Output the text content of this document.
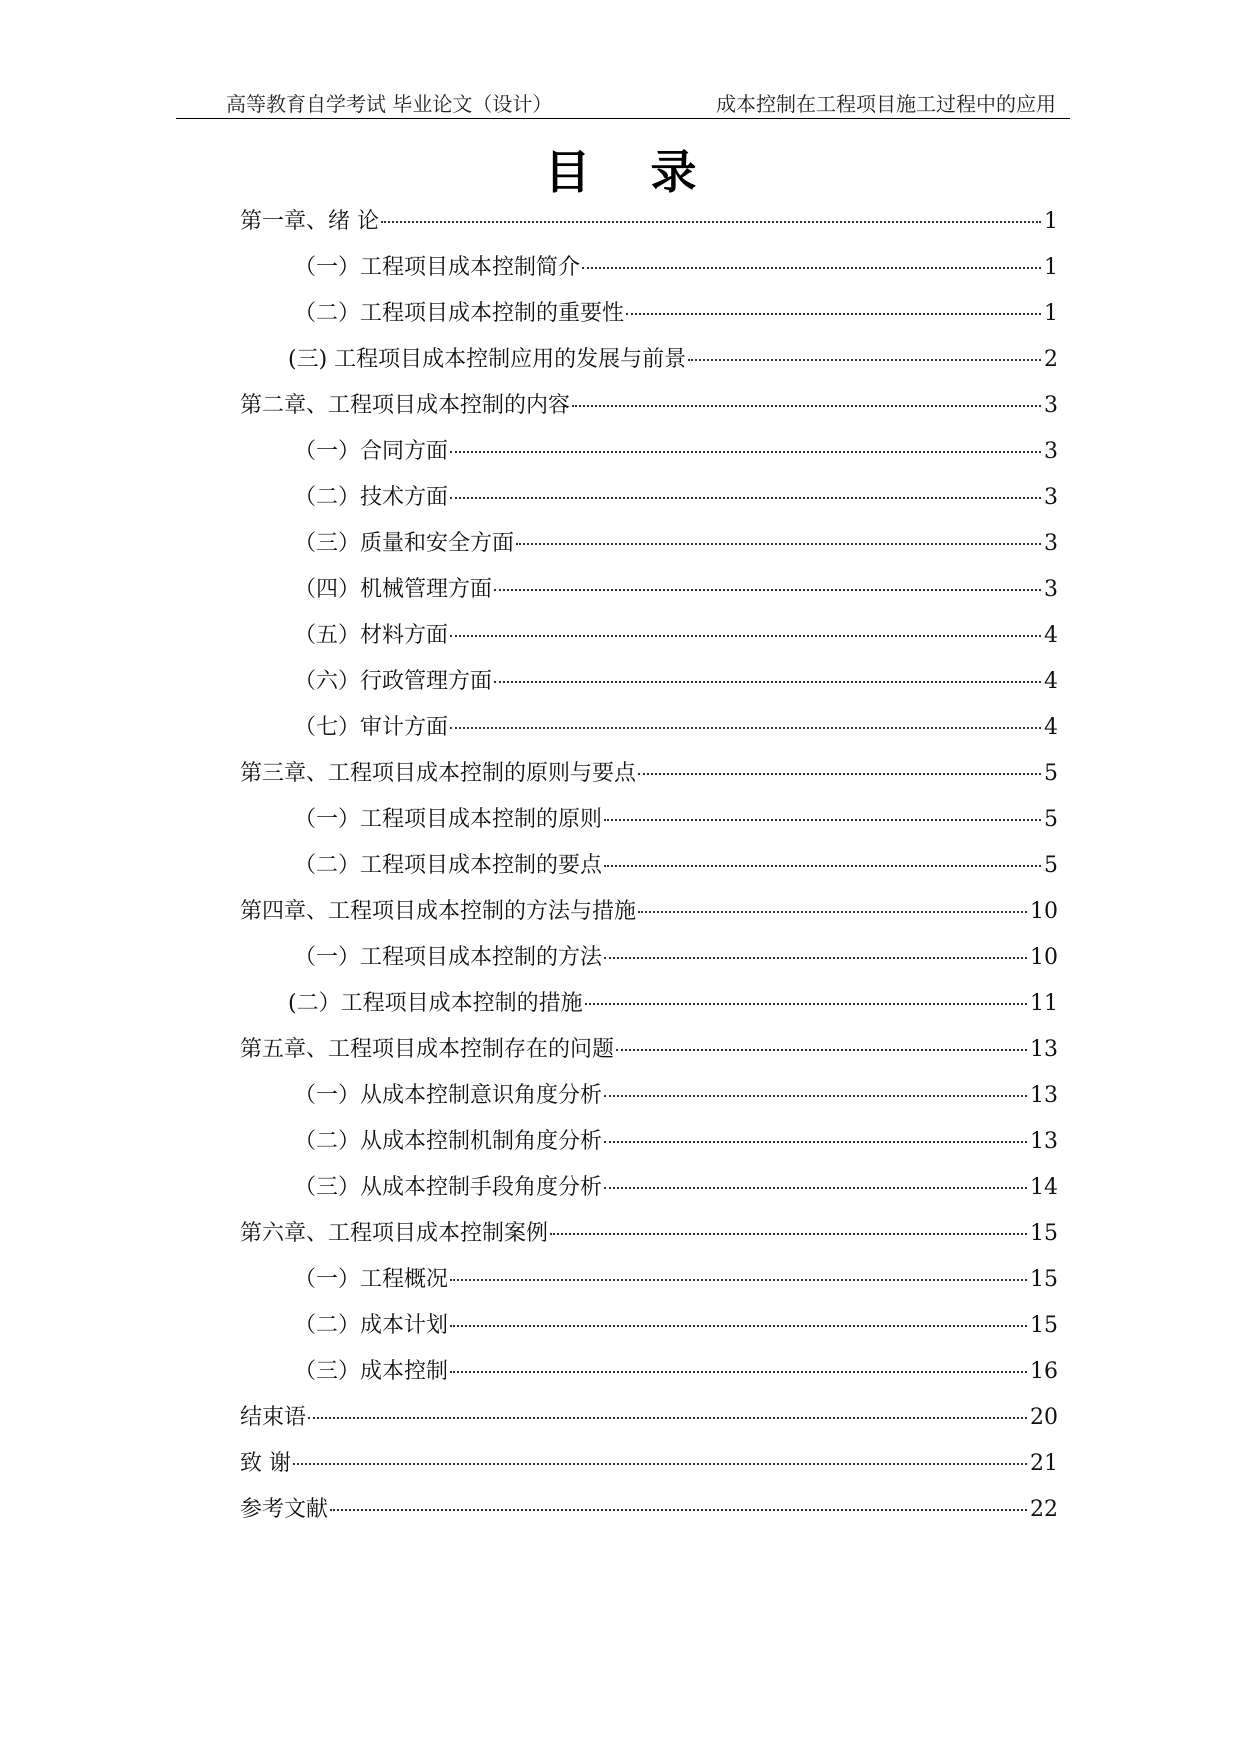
高等教育自学考试 毕业论文（设计）	成本控制在工程项目施工过程中的应用
目录
第一章、绪 论	1
（一）工程项目成本控制简介	1
（二）工程项目成本控制的重要性	1
(三) 工程项目成本控制应用的发展与前景	2
第二章、工程项目成本控制的内容	3
（一）合同方面	3
（二）技术方面	3
（三）质量和安全方面	3
（四）机械管理方面	3
（五）材料方面	4
（六）行政管理方面	4
（七）审计方面	4
第三章、工程项目成本控制的原则与要点	5
（一）工程项目成本控制的原则	5
（二）工程项目成本控制的要点	5
第四章、工程项目成本控制的方法与措施	10
（一）工程项目成本控制的方法	10
(二）工程项目成本控制的措施	11
第五章、工程项目成本控制存在的问题	13
（一）从成本控制意识角度分析	13
（二）从成本控制机制角度分析	13
（三）从成本控制手段角度分析	14
第六章、工程项目成本控制案例	15
（一）工程概况	15
（二）成本计划	15
（三）成本控制	16
结束语	20
致 谢	21
参考文献	22
